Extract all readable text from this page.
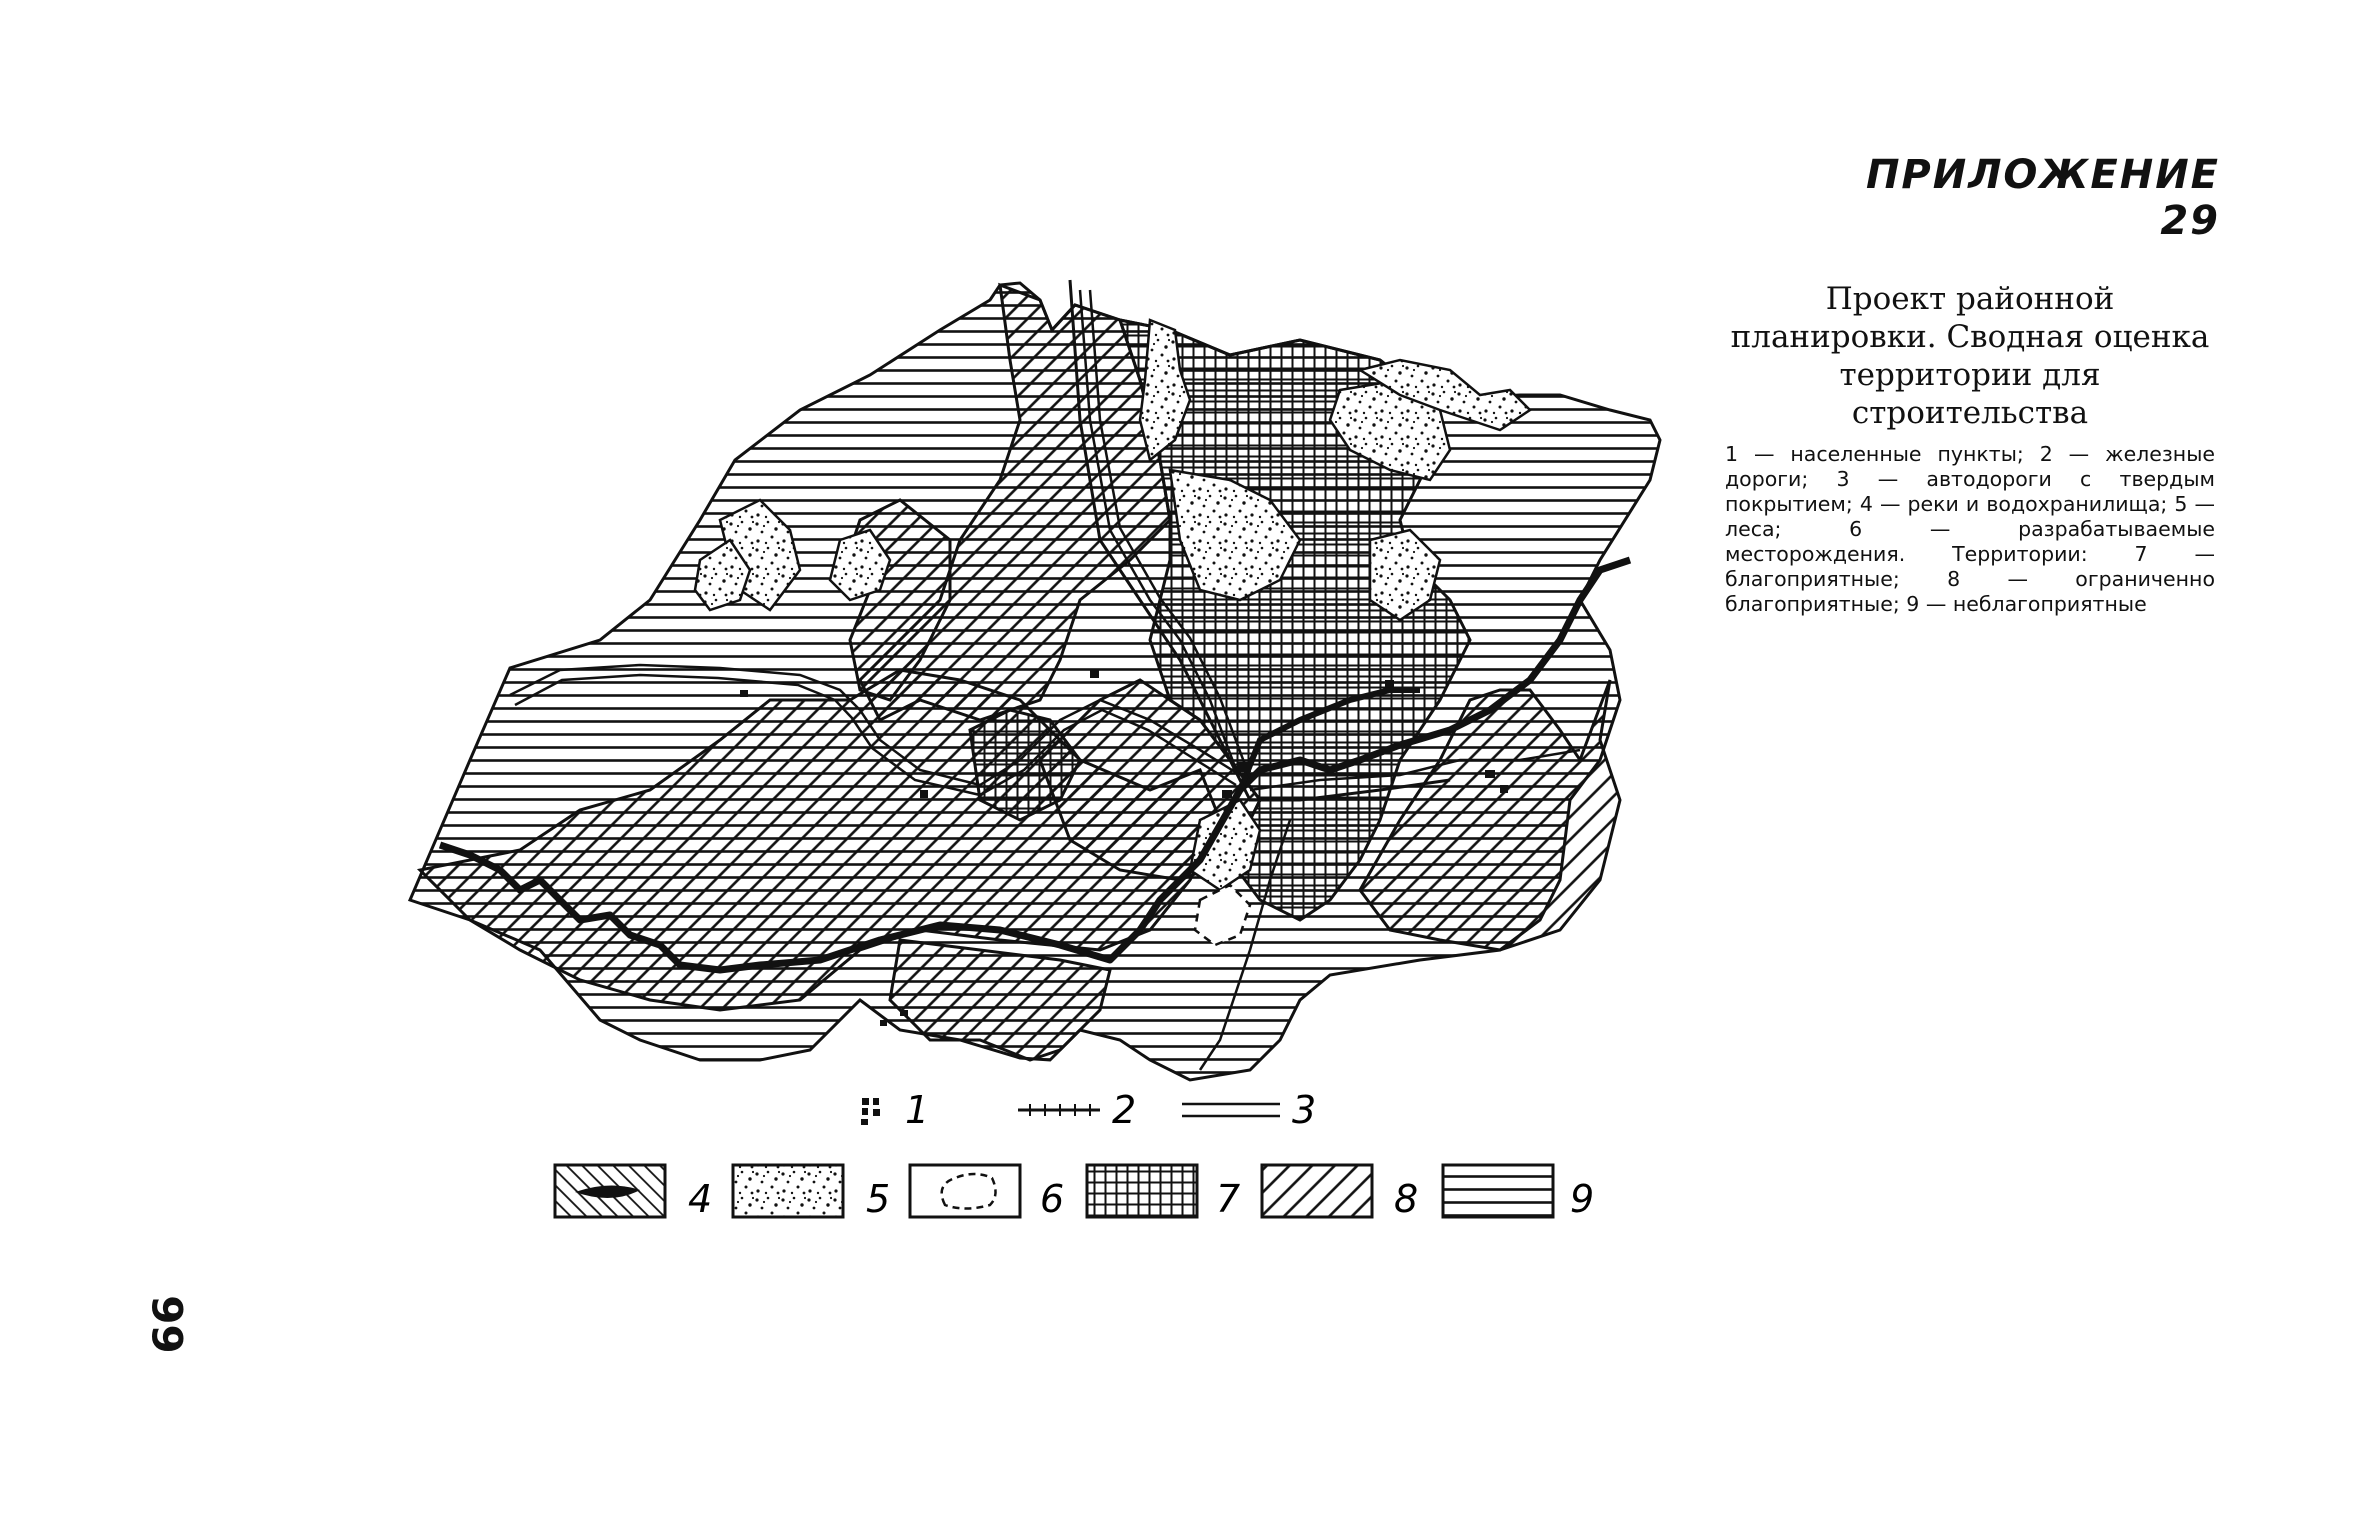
ПРИЛОЖЕНИЕ 29

Проект районной планировки. Сводная оценка территории для строительства

1 — населенные пункты; 2 — железные дороги; 3 — автодороги с твердым покрытием; 4 — реки и водохранилища; 5 — леса; 6 — разрабатываемые месторождения. Территории: 7 — благоприятные; 8 — ограниченно благоприятные; 9 — неблагоприятные

99
1	2	3
4	5	6	7	8	9
